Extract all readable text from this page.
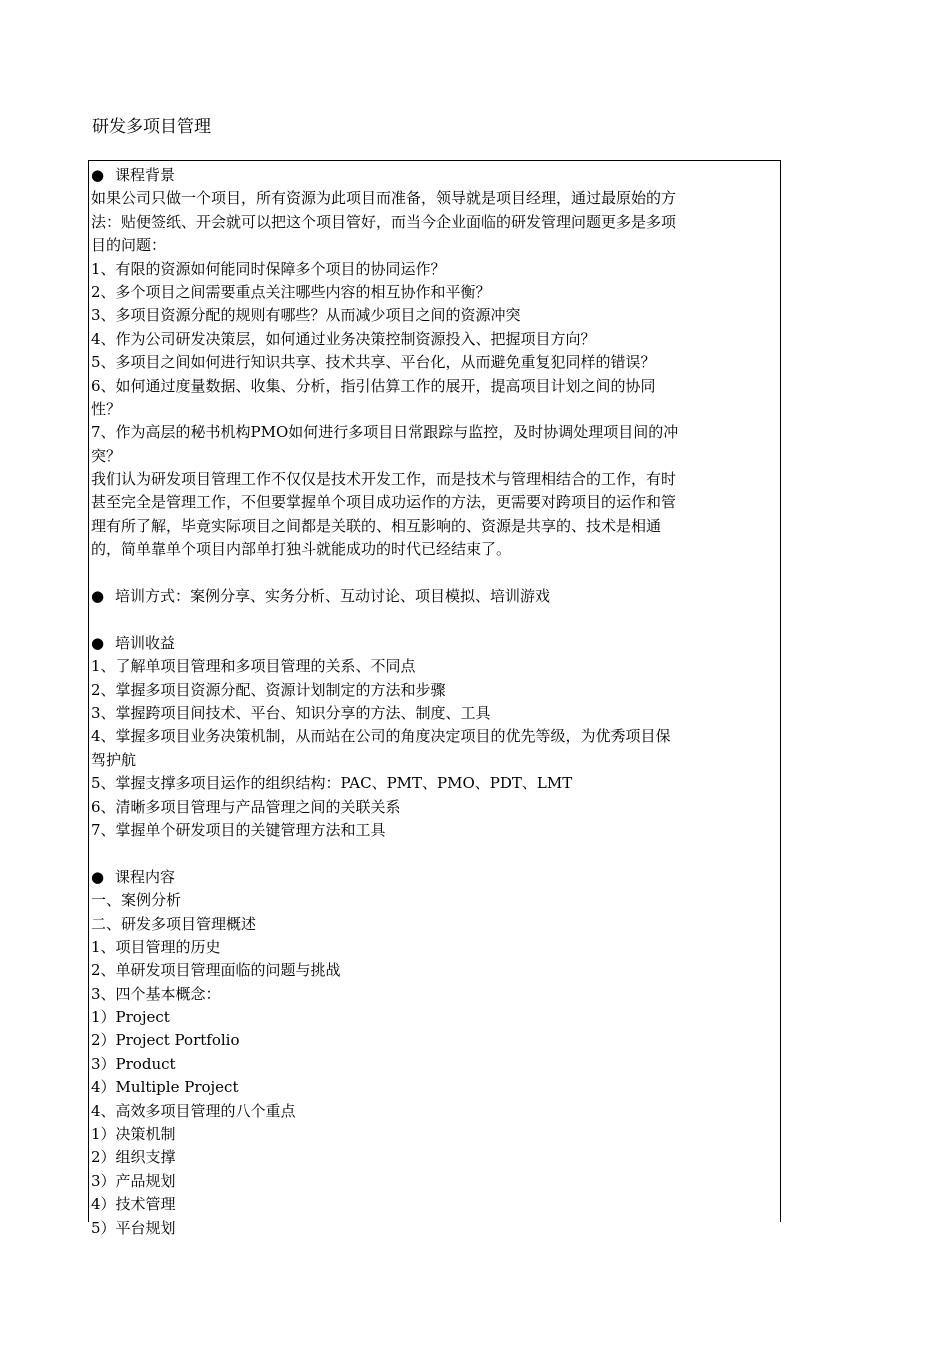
研发多项目管理
● 课程背景
如果公司只做一个项目，所有资源为此项目而准备，领导就是项目经理，通过最原始的方
法：贴便签纸、开会就可以把这个项目管好，而当今企业面临的研发管理问题更多是多项
目的问题：
1、有限的资源如何能同时保障多个项目的协同运作？
2、多个项目之间需要重点关注哪些内容的相互协作和平衡？
3、多项目资源分配的规则有哪些？从而减少项目之间的资源冲突
4、作为公司研发决策层，如何通过业务决策控制资源投入、把握项目方向？
5、多项目之间如何进行知识共享、技术共享、平台化，从而避免重复犯同样的错误？
6、如何通过度量数据、收集、分析，指引估算工作的展开，提高项目计划之间的协同
性？
7、作为高层的秘书机构PMO如何进行多项目日常跟踪与监控，及时协调处理项目间的冲
突？
我们认为研发项目管理工作不仅仅是技术开发工作，而是技术与管理相结合的工作，有时
甚至完全是管理工作，不但要掌握单个项目成功运作的方法，更需要对跨项目的运作和管
理有所了解，毕竟实际项目之间都是关联的、相互影响的、资源是共享的、技术是相通
的，简单靠单个项目内部单打独斗就能成功的时代已经结束了。
● 培训方式：案例分享、实务分析、互动讨论、项目模拟、培训游戏
● 培训收益
1、了解单项目管理和多项目管理的关系、不同点
2、掌握多项目资源分配、资源计划制定的方法和步骤
3、掌握跨项目间技术、平台、知识分享的方法、制度、工具
4、掌握多项目业务决策机制，从而站在公司的角度决定项目的优先等级，为优秀项目保
驾护航
5、掌握支撑多项目运作的组织结构：PAC、PMT、PMO、PDT、LMT
6、清晰多项目管理与产品管理之间的关联关系
7、掌握单个研发项目的关键管理方法和工具
● 课程内容
一、案例分析
二、研发多项目管理概述
1、项目管理的历史
2、单研发项目管理面临的问题与挑战
3、四个基本概念：
1）Project
2）Project Portfolio
3）Product
4）Multiple Project
4、高效多项目管理的八个重点
1）决策机制
2）组织支撑
3）产品规划
4）技术管理
5）平台规划
